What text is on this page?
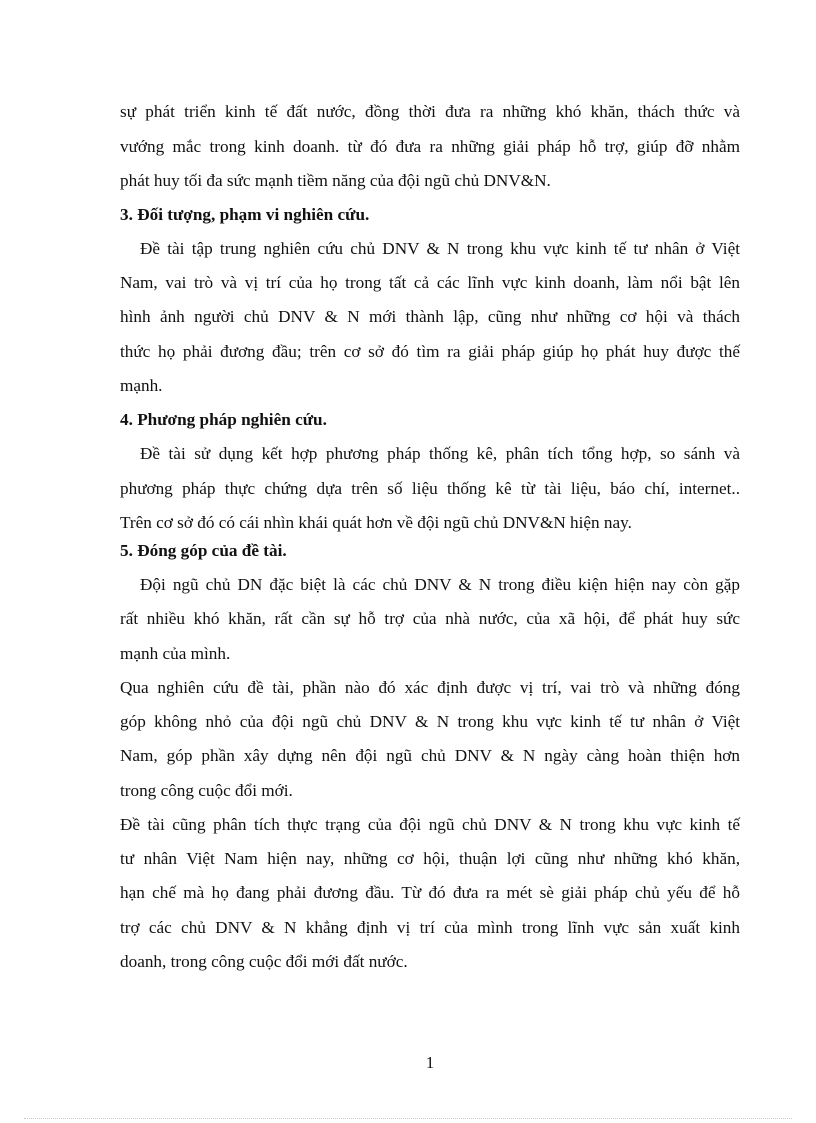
sự phát triển kinh tế đất nước, đồng thời đưa ra những khó khăn, thách thức và
vướng mắc trong kinh doanh. từ đó đưa ra những giải pháp hỗ trợ, giúp đỡ nhằm
phát huy tối đa sức mạnh tiềm năng của đội ngũ chủ DNV&N.
3. Đối tượng, phạm vi nghiên cứu.
Đề tài tập trung nghiên cứu chủ DNV & N trong khu vực kinh tế tư nhân ở Việt
Nam, vai trò và vị trí của họ trong tất cả các lĩnh vực kinh doanh, làm nổi bật lên
hình ảnh người chủ DNV & N mới thành lập, cũng như những cơ hội và thách
thức họ phải đương đầu; trên cơ sở đó tìm ra giải pháp giúp họ phát huy được thế
mạnh.
4. Phương pháp nghiên cứu.
Đề tài sử dụng kết hợp phương pháp thống kê, phân tích tổng hợp, so sánh và
phương pháp thực chứng dựa trên số liệu thống kê từ tài liệu, báo chí, internet..
Trên cơ sở đó có cái nhìn khái quát hơn về đội ngũ chủ DNV&N hiện nay.
5. Đóng góp của đề tài.
Đội ngũ chủ DN đặc biệt là các chủ DNV & N trong điều kiện hiện nay còn gặp
rất nhiều khó khăn, rất cần sự hỗ trợ của nhà nước, của xã hội, để phát huy sức
mạnh của mình.
Qua nghiên cứu đề tài, phần nào đó xác định được vị trí, vai trò và những đóng
góp không nhỏ của đội ngũ chủ DNV & N trong khu vực kinh tế tư nhân ở Việt
Nam, góp phần xây dựng nên đội ngũ chủ DNV & N ngày càng hoàn thiện hơn
trong công cuộc đổi mới.
Đề tài cũng phân tích thực trạng của đội ngũ chủ DNV & N trong khu vực kinh tế
tư nhân Việt Nam hiện nay, những cơ hội, thuận lợi cũng như những khó khăn,
hạn chế mà họ đang phải đương đầu. Từ đó đưa ra mét sè giải pháp chủ yếu để hỗ
trợ các chủ DNV & N khẳng định vị trí của mình trong lĩnh vực sản xuất kinh
doanh, trong công cuộc đổi mới đất nước.
1
